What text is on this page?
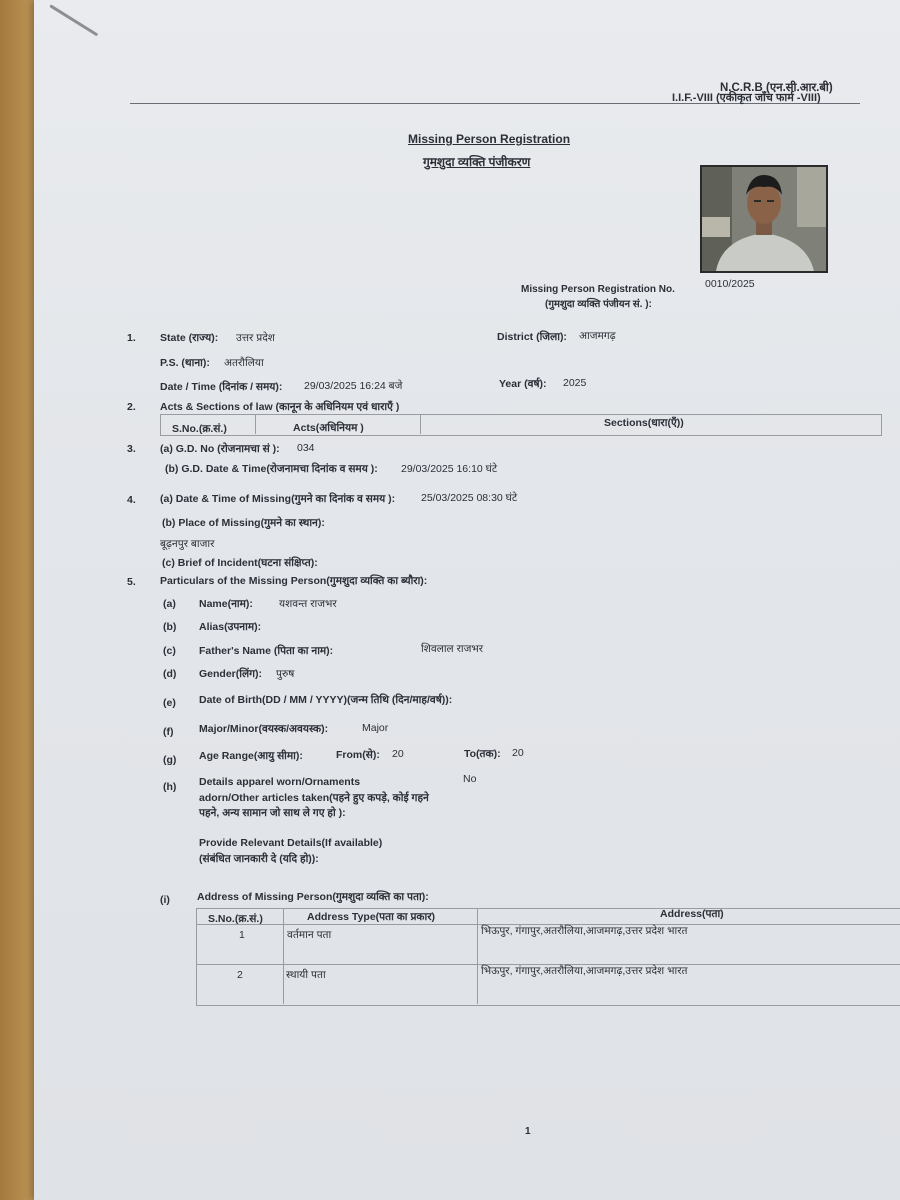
N.C.R.B (एन.सी.आर.बी)
I.I.F.-VIII (एकीकृत जाँच फार्म -VIII)
Missing Person Registration
गुमशुदा व्यक्ति पंजीकरण
Missing Person Registration No.	0010/2025
(गुमशुदा व्यक्ति पंजीयन सं. ):
1. State (राज्य): उत्तर प्रदेश	District (जिला): आजमगढ़
P.S. (थाना): अतरौलिया
Date / Time (दिनांक / समय): 29/03/2025 16:24 बजे	Year (वर्ष): 2025
2. Acts & Sections of law (कानून के अधिनियम एवं धाराएँ )
S.No.(क्र.सं.)	Acts(अधिनियम )	Sections(धारा(एँ))
3. (a) G.D. No (रोजनामचा सं ): 034
(b) G.D. Date & Time(रोजनामचा दिनांक व समय ): 29/03/2025 16:10 घंटे
4. (a) Date & Time of Missing(गुमने का दिनांक व समय ): 25/03/2025 08:30 घंटे
(b) Place of Missing(गुमने का स्थान):
बूढ़नपुर बाजार
(c) Brief of Incident(घटना संक्षिप्त):
5. Particulars of the Missing Person(गुमशुदा व्यक्ति का ब्यौरा):
(a) Name(नाम): यशवन्त राजभर
(b) Alias(उपनाम):
(c) Father's Name (पिता का नाम):	शिवलाल राजभर
(d) Gender(लिंग): पुरुष
(e) Date of Birth(DD / MM / YYYY)(जन्म तिथि (दिन/माह/वर्ष)):
(f) Major/Minor(वयस्क/अवयस्क):	Major
(g) Age Range(आयु सीमा):	From(से): 20	To(तक): 20
(h) Details apparel worn/Ornaments
adorn/Other articles taken(पहने हुए कपड़े, कोई गहने
पहने, अन्य सामान जो साथ ले गए हो ):
No
Provide Relevant Details(If available)
(संबंधित जानकारी दे (यदि हो)):
(i)	Address of Missing Person(गुमशुदा व्यक्ति का पता):
S.No.(क्र.सं.)	Address Type(पता का प्रकार)	Address(पता)
1	वर्तमान पता	भिऊपुर, गंगापुर,अतरौलिया,आजमगढ़,उत्तर प्रदेश भारत
2	स्थायी पता	भिऊपुर, गंगापुर,अतरौलिया,आजमगढ़,उत्तर प्रदेश भारत
1
